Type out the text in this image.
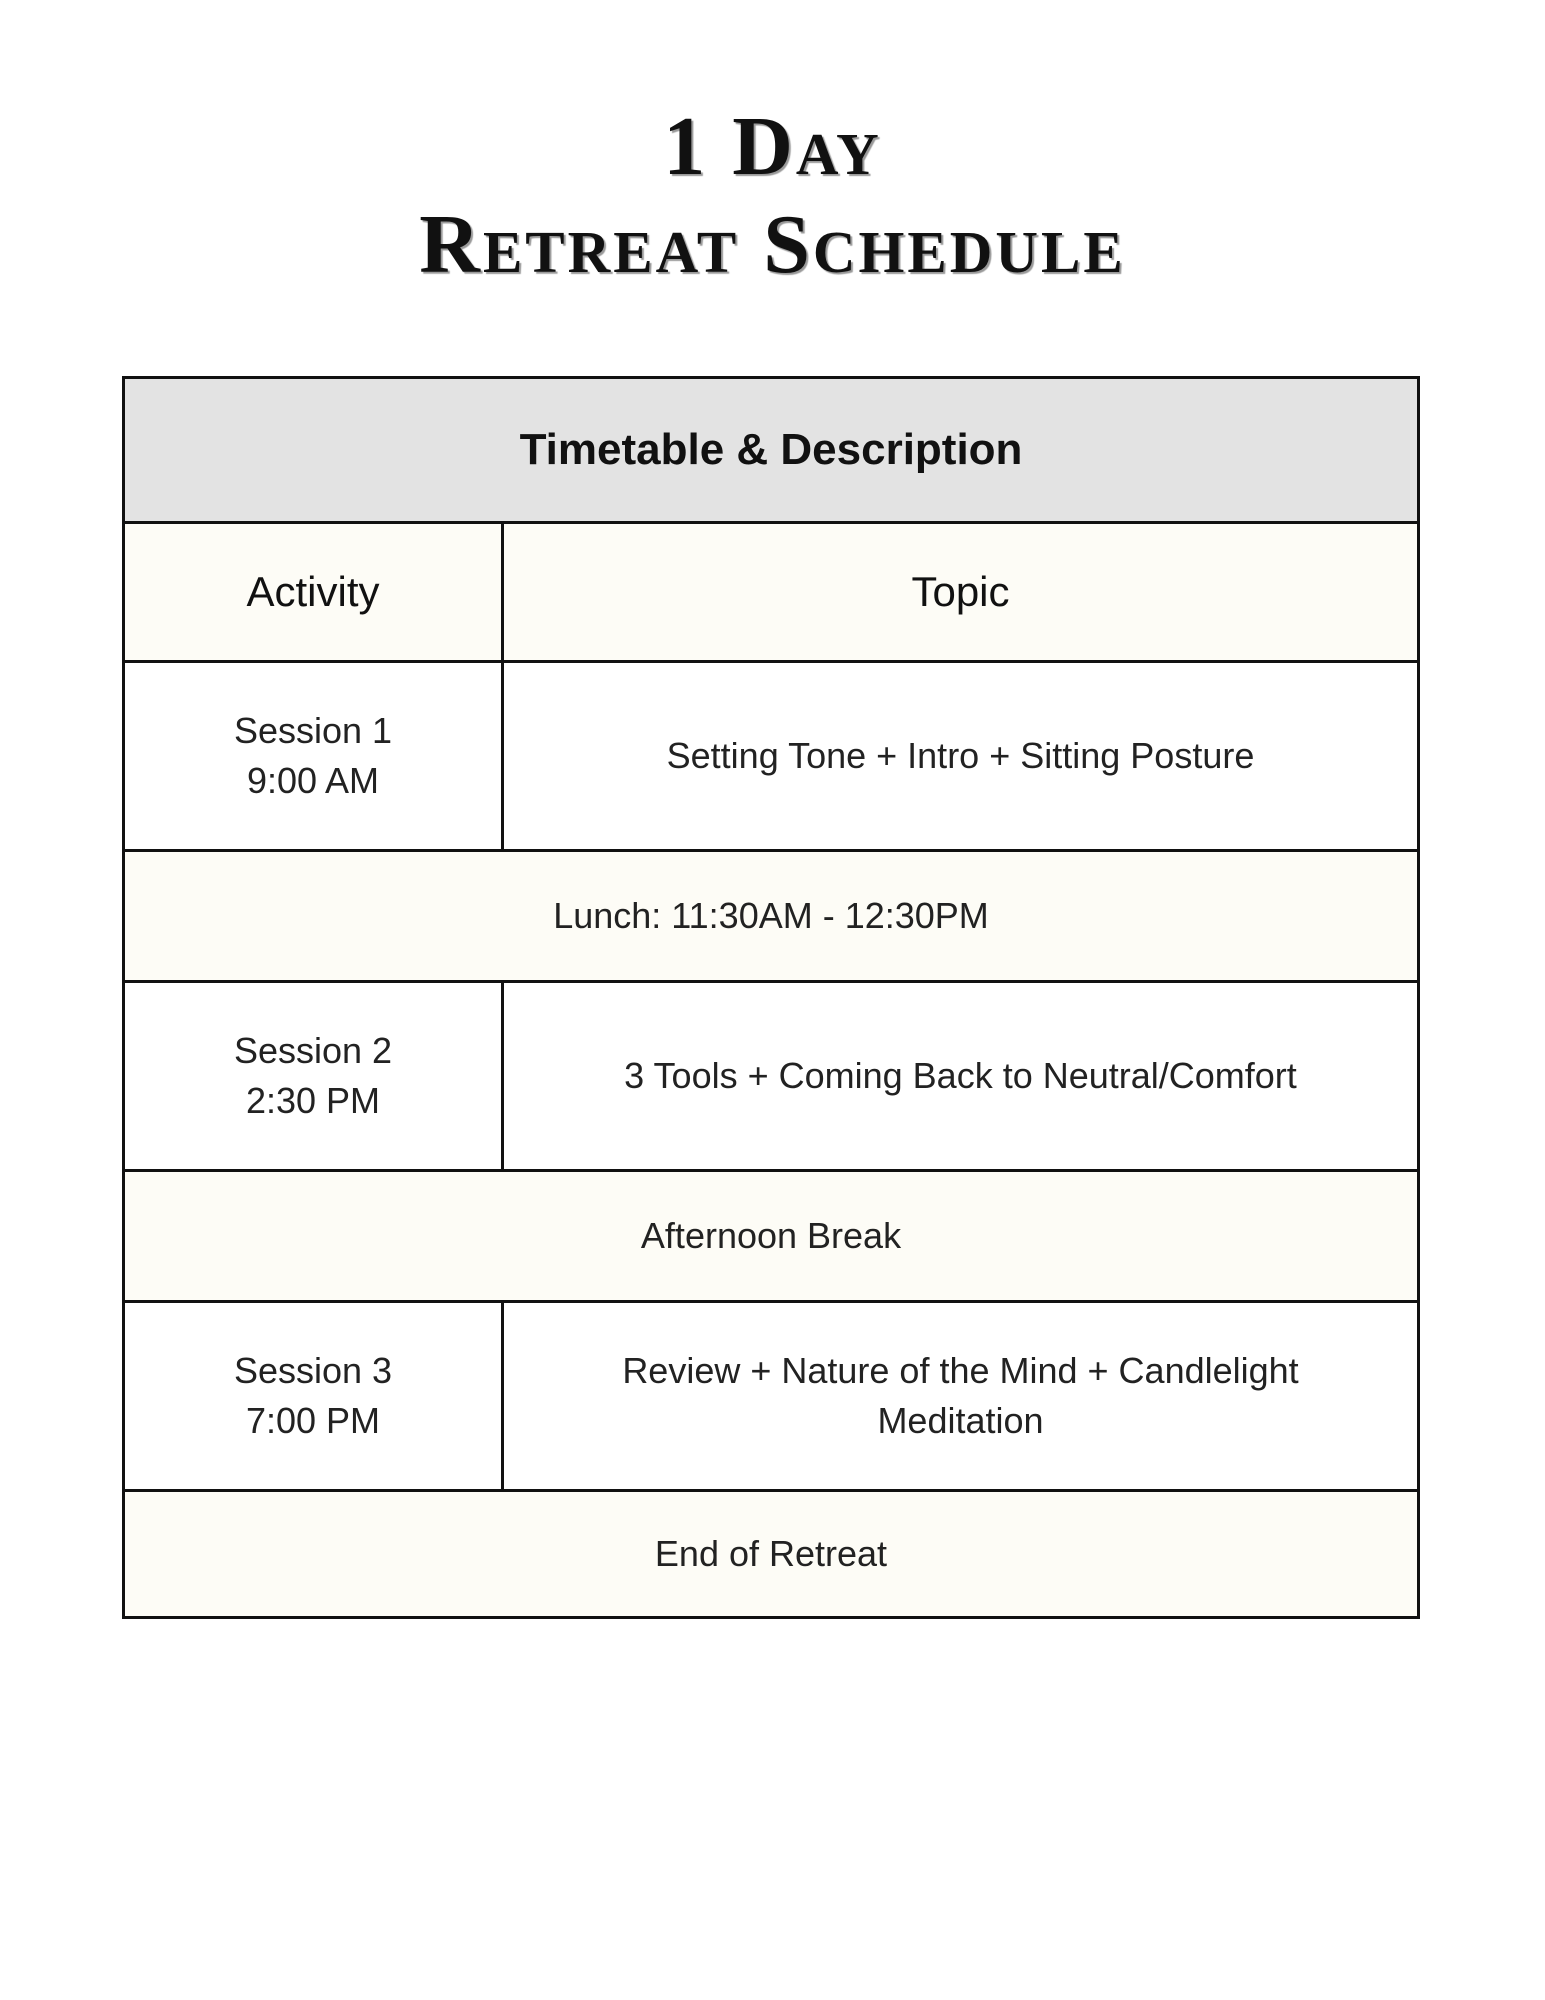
1 Day
Retreat Schedule
Timetable & Description
Activity	Topic
Session 1
9:00 AM
Setting Tone + Intro + Sitting Posture
Lunch: 11:30AM - 12:30PM
Session 2
2:30 PM
3 Tools + Coming Back to Neutral/Comfort
Afternoon Break
Session 3
7:00 PM
Review + Nature of the Mind + Candlelight Meditation
End of Retreat
